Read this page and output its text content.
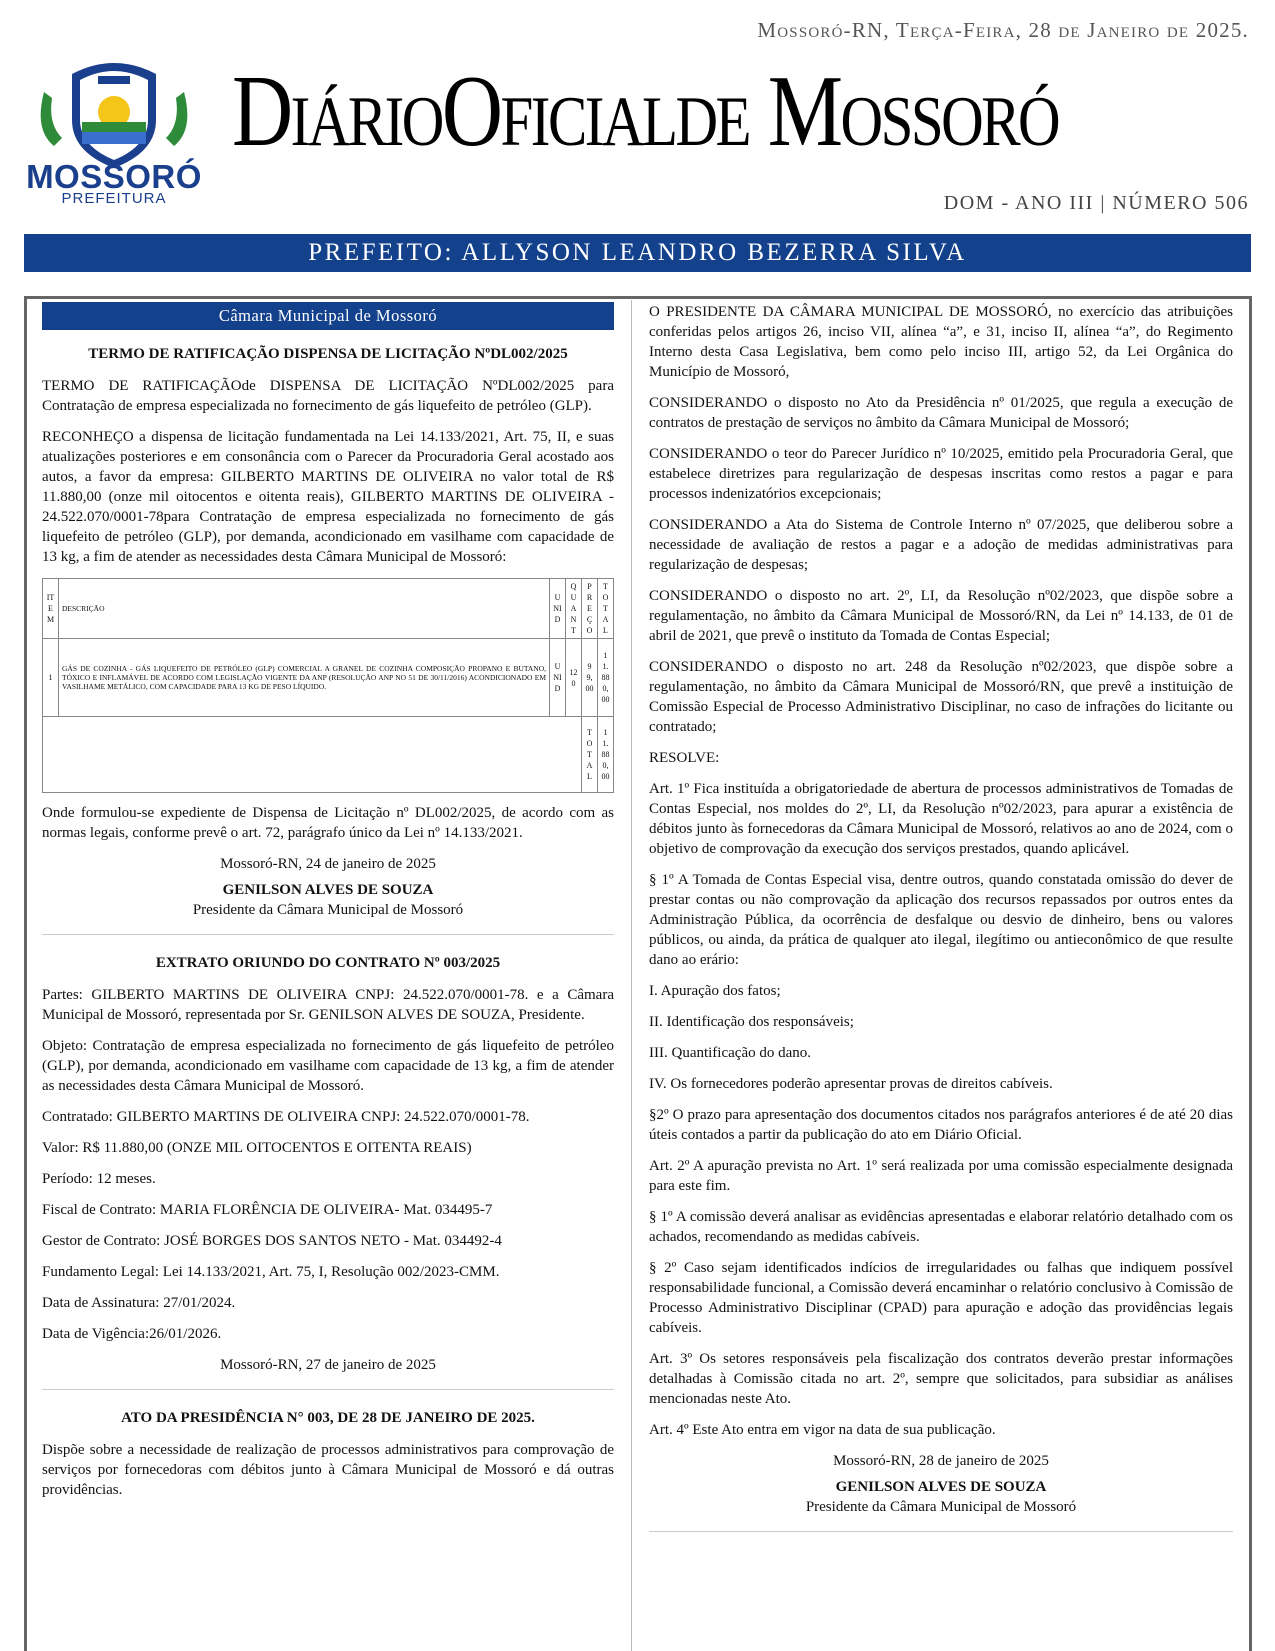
MOSSORÓ
PREFEITURA
Mossoró-RN, Terça-Feira, 28 de Janeiro de 2025.
DiárioOficialde Mossoró
DOM - ANO III | NÚMERO 506
PREFEITO: ALLYSON LEANDRO BEZERRA SILVA
Câmara Municipal de Mossoró
TERMO DE RATIFICAÇÃO DISPENSA DE LICITAÇÃO NºDL002/2025

TERMO DE RATIFICAÇÃOde DISPENSA DE LICITAÇÃO NºDL002/2025 para Contratação de empresa especializada no fornecimento de gás liquefeito de petróleo (GLP).

RECONHEÇO a dispensa de licitação fundamentada na Lei 14.133/2021, Art. 75, II, e suas atualizações posteriores e em consonância com o Parecer da Procuradoria Geral acostado aos autos, a favor da empresa: GILBERTO MARTINS DE OLIVEIRA no valor total de R$ 11.880,00 (onze mil oitocentos e oitenta reais), GILBERTO MARTINS DE OLIVEIRA - 24.522.070/0001-78para Contratação de empresa especializada no fornecimento de gás liquefeito de petróleo (GLP), por demanda, acondicionado em vasilhame com capacidade de 13 kg, a fim de atender as necessidades desta Câmara Municipal de Mossoró:

ITEM	DESCRIÇÃO	UNID	QUANT	PREÇO	TOTAL
1	GÁS DE COZINHA - GÁS LIQUEFEITO DE PETRÓLEO (GLP) COMERCIAL A GRANEL DE COZINHA COMPOSIÇÃO PROPANO E BUTANO, TÓXICO E INFLAMÁVEL DE ACORDO COM LEGISLAÇÃO VIGENTE DA ANP (RESOLUÇÃO ANP NO 51 DE 30/11/2016) ACONDICIONADO EM VASILHAME METÁLICO, COM CAPACIDADE PARA 13 KG DE PESO LÍQUIDO.	UNID	120	99,00	11.880,00
				TOTAL	11.880,00

Onde formulou-se expediente de Dispensa de Licitação nº DL002/2025, de acordo com as normas legais, conforme prevê o art. 72, parágrafo único da Lei nº 14.133/2021.

Mossoró-RN, 24 de janeiro de 2025

GENILSON ALVES DE SOUZA
Presidente da Câmara Municipal de Mossoró
EXTRATO ORIUNDO DO CONTRATO Nº 003/2025

Partes: GILBERTO MARTINS DE OLIVEIRA CNPJ: 24.522.070/0001-78. e a Câmara Municipal de Mossoró, representada por Sr. GENILSON ALVES DE SOUZA, Presidente.

Objeto: Contratação de empresa especializada no fornecimento de gás liquefeito de petróleo (GLP), por demanda, acondicionado em vasilhame com capacidade de 13 kg, a fim de atender as necessidades desta Câmara Municipal de Mossoró.

Contratado: GILBERTO MARTINS DE OLIVEIRA CNPJ: 24.522.070/0001-78.

Valor: R$ 11.880,00 (ONZE MIL OITOCENTOS E OITENTA REAIS)

Período: 12 meses.

Fiscal de Contrato: MARIA FLORÊNCIA DE OLIVEIRA- Mat. 034495-7

Gestor de Contrato: JOSÉ BORGES DOS SANTOS NETO - Mat. 034492-4

Fundamento Legal: Lei 14.133/2021, Art. 75, I, Resolução 002/2023-CMM.

Data de Assinatura: 27/01/2024.

Data de Vigência:26/01/2026.

Mossoró-RN, 27 de janeiro de 2025

ATO DA PRESIDÊNCIA N° 003, DE 28 DE JANEIRO DE 2025.

Dispõe sobre a necessidade de realização de processos administrativos para comprovação de serviços por fornecedoras com débitos junto à Câmara Municipal de Mossoró e dá outras providências.

O PRESIDENTE DA CÂMARA MUNICIPAL DE MOSSORÓ, no exercício das atribuições conferidas pelos artigos 26, inciso VII, alínea “a”, e 31, inciso II, alínea “a”, do Regimento Interno desta Casa Legislativa, bem como pelo inciso III, artigo 52, da Lei Orgânica do Município de Mossoró,

CONSIDERANDO o disposto no Ato da Presidência nº 01/2025, que regula a execução de contratos de prestação de serviços no âmbito da Câmara Municipal de Mossoró;

CONSIDERANDO o teor do Parecer Jurídico nº 10/2025, emitido pela Procuradoria Geral, que estabelece diretrizes para regularização de despesas inscritas como restos a pagar e para processos indenizatórios excepcionais;

CONSIDERANDO a Ata do Sistema de Controle Interno nº 07/2025, que deliberou sobre a necessidade de avaliação de restos a pagar e a adoção de medidas administrativas para regularização de despesas;

CONSIDERANDO o disposto no art. 2º, LI, da Resolução nº02/2023, que dispõe sobre a regulamentação, no âmbito da Câmara Municipal de Mossoró/RN, da Lei nº 14.133, de 01 de abril de 2021, que prevê o instituto da Tomada de Contas Especial;

CONSIDERANDO o disposto no art. 248 da Resolução nº02/2023, que dispõe sobre a regulamentação, no âmbito da Câmara Municipal de Mossoró/RN, que prevê a instituição de Comissão Especial de Processo Administrativo Disciplinar, no caso de infrações do licitante ou contratado;

RESOLVE:

Art. 1º Fica instituída a obrigatoriedade de abertura de processos administrativos de Tomadas de Contas Especial, nos moldes do 2º, LI, da Resolução nº02/2023, para apurar a existência de débitos junto às fornecedoras da Câmara Municipal de Mossoró, relativos ao ano de 2024, com o objetivo de comprovação da execução dos serviços prestados, quando aplicável.

§ 1º A Tomada de Contas Especial visa, dentre outros, quando constatada omissão do dever de prestar contas ou não comprovação da aplicação dos recursos repassados por outros entes da Administração Pública, da ocorrência de desfalque ou desvio de dinheiro, bens ou valores públicos, ou ainda, da prática de qualquer ato ilegal, ilegítimo ou antieconômico de que resulte dano ao erário:

I. Apuração dos fatos;

II. Identificação dos responsáveis;

III. Quantificação do dano.

IV. Os fornecedores poderão apresentar provas de direitos cabíveis.

§2º O prazo para apresentação dos documentos citados nos parágrafos anteriores é de até 20 dias úteis contados a partir da publicação do ato em Diário Oficial.

Art. 2º A apuração prevista no Art. 1º será realizada por uma comissão especialmente designada para este fim.

§ 1º A comissão deverá analisar as evidências apresentadas e elaborar relatório detalhado com os achados, recomendando as medidas cabíveis.

§ 2º Caso sejam identificados indícios de irregularidades ou falhas que indiquem possível responsabilidade funcional, a Comissão deverá encaminhar o relatório conclusivo à Comissão de Processo Administrativo Disciplinar (CPAD) para apuração e adoção das providências legais cabíveis.

Art. 3º Os setores responsáveis pela fiscalização dos contratos deverão prestar informações detalhadas à Comissão citada no art. 2º, sempre que solicitados, para subsidiar as análises mencionadas neste Ato.

Art. 4º Este Ato entra em vigor na data de sua publicação.

Mossoró-RN, 28 de janeiro de 2025

GENILSON ALVES DE SOUZA
Presidente da Câmara Municipal de Mossoró
